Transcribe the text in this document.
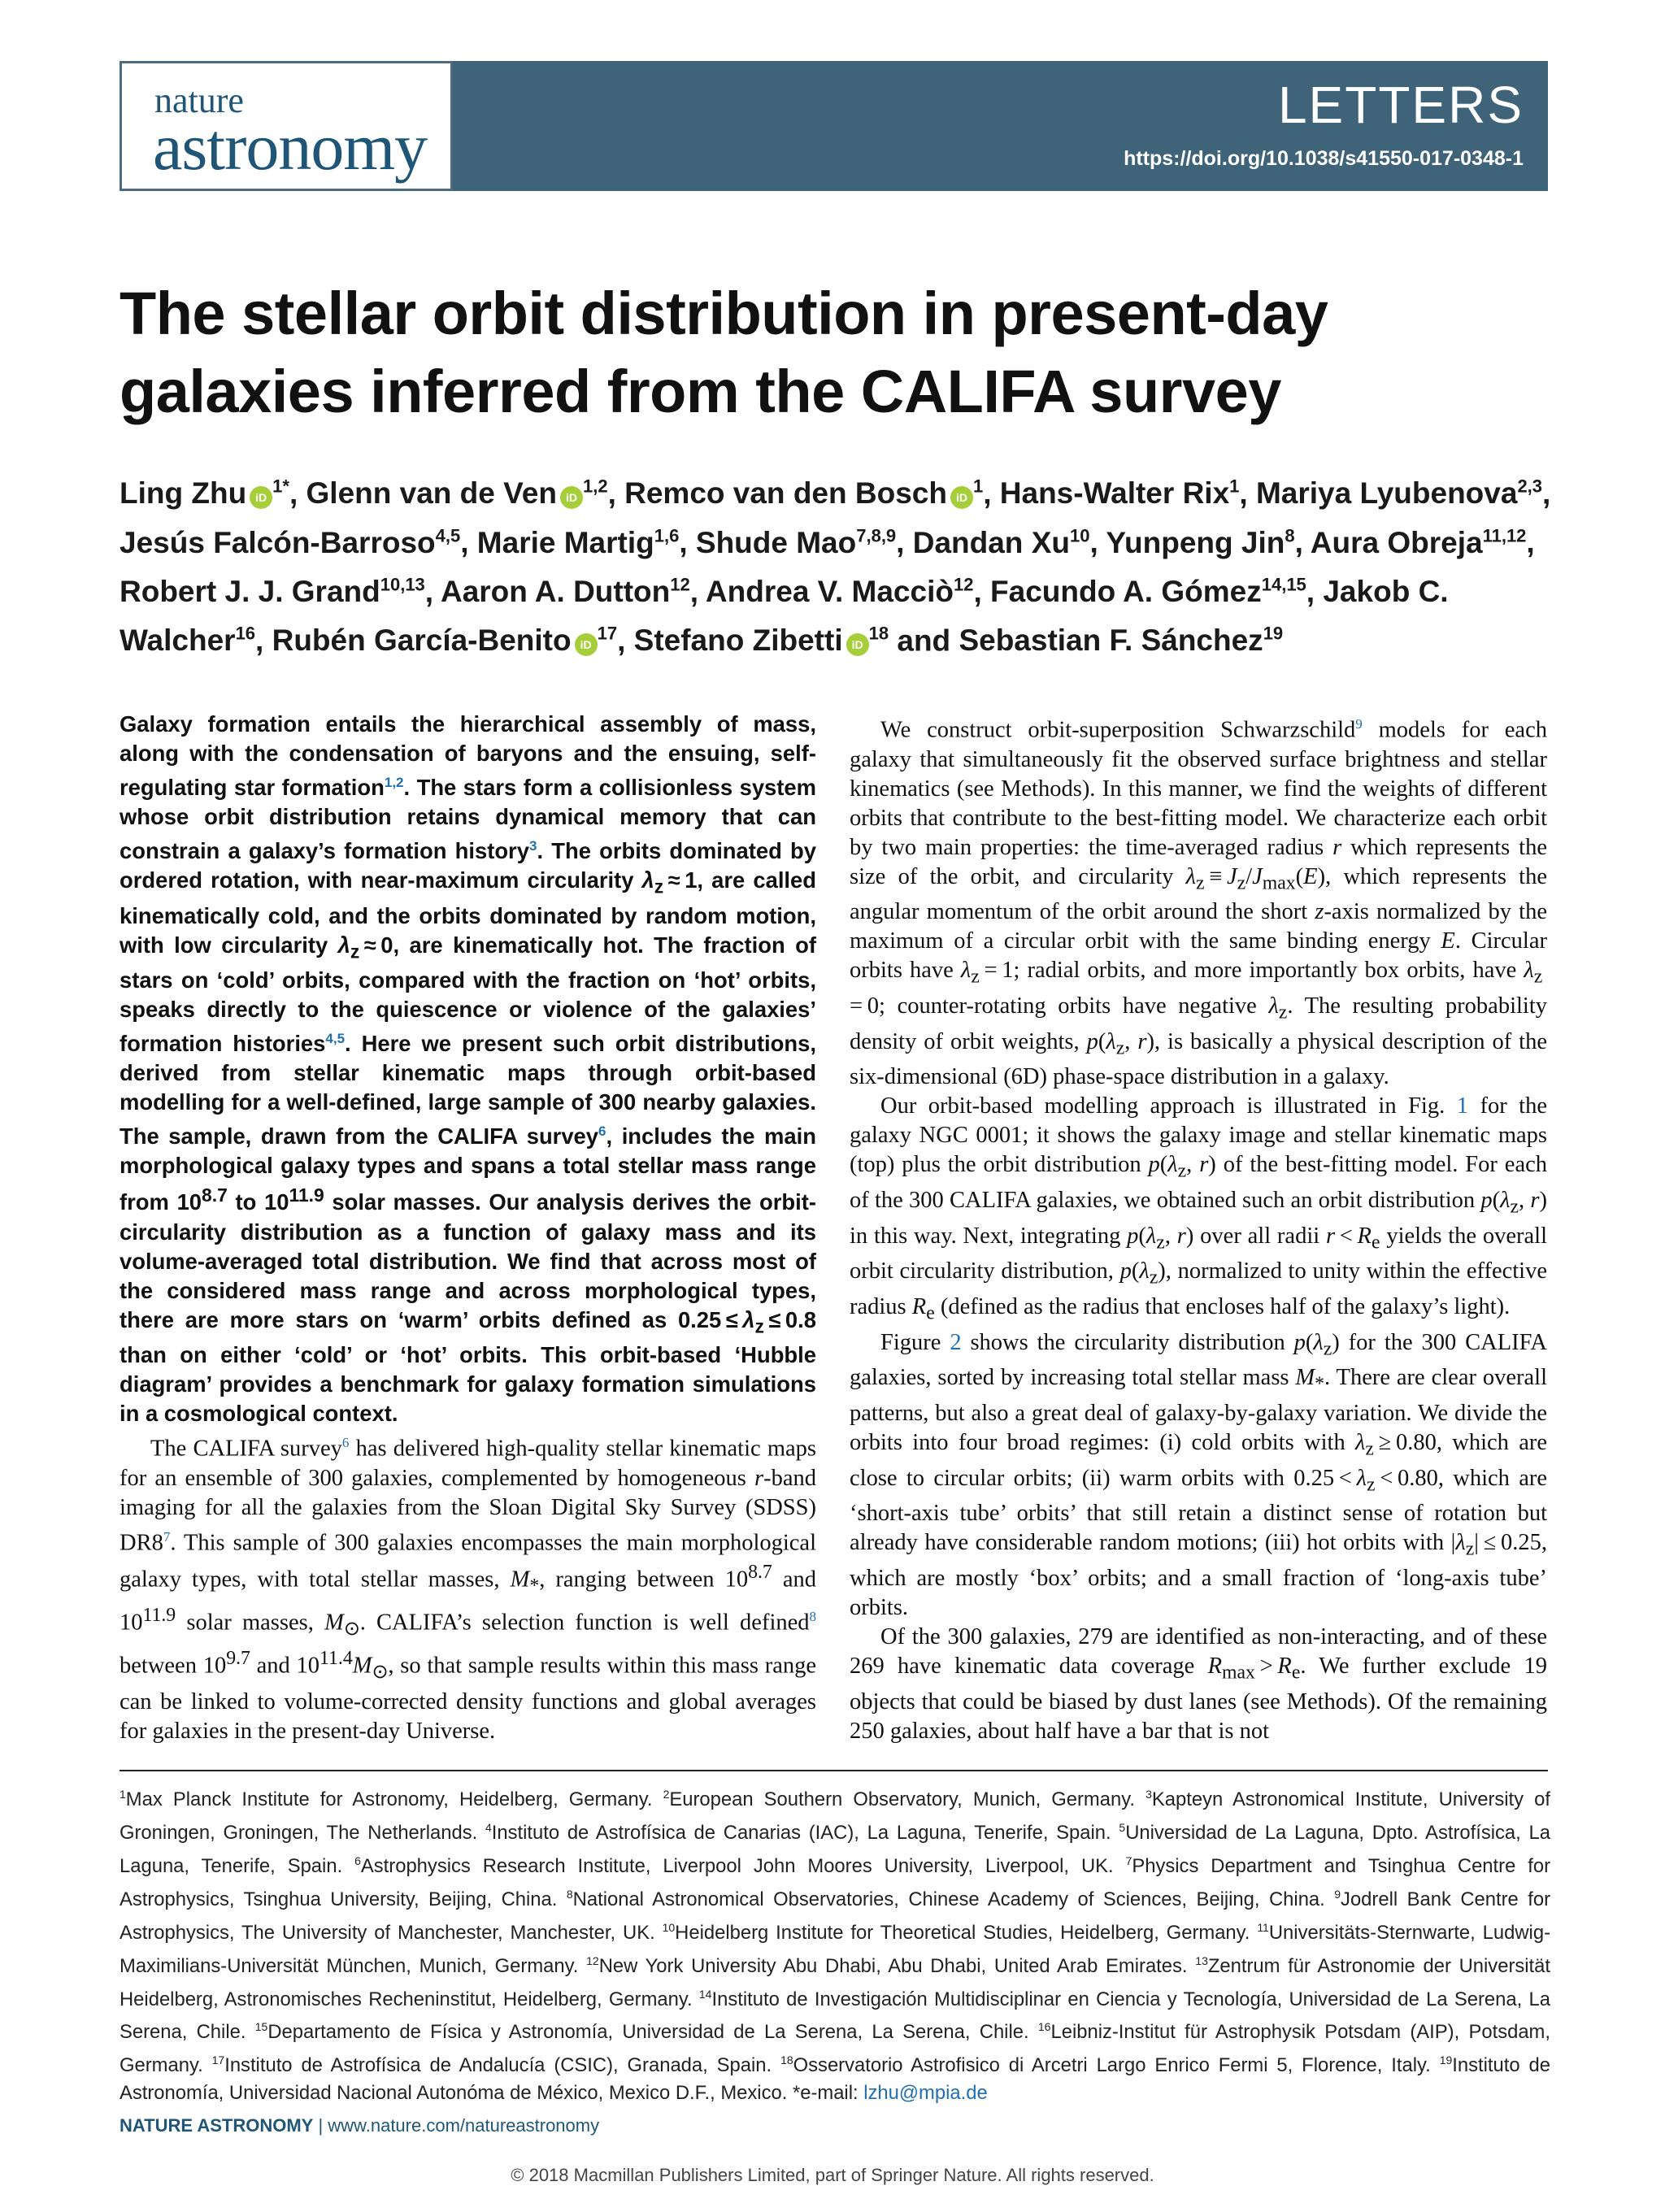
nature
astronomy
LETTERS
https://doi.org/10.1038/s41550-017-0348-1
The stellar orbit distribution in present-day galaxies inferred from the CALIFA survey
Ling Zhu $iD^{1*}$, Glenn van de Ven iD$^{1,2}$, Remco van den Bosch $iD^1$, Hans-Walter Rix$^1$, Mariya Lyubenova$^{2,3}$, Jesús Falcón-Barroso$^{4,5}$, Marie Martig$^{1,6}$, Shude Mao$^{7,8,9}$, Dandan Xu$^{10}$, Yunpeng Jin$^8$, Aura Obreja$^{11,12}$, Robert J. J. Grand$^{10,13}$, Aaron A. Dutton$^{12}$, Andrea V. Macciò$^{12}$, Facundo A. Gómez$^{14,15}$, Jakob C. Walcher$^{16}$, Rubén García-Benito $iD^{17}$, Stefano Zibetti $iD^{18}$ and Sebastian F. Sánchez$^{19}$

Galaxy formation entails the hierarchical assembly of mass, along with the condensation of baryons and the ensuing, self-regulating star formation$^{1,2}$. The stars form a collisionless system whose orbit distribution retains dynamical memory that can constrain a galaxy’s formation history$^3$. The orbits dominated by ordered rotation, with near-maximum circularity $\lambda_z \approx 1$, are called kinematically cold, and the orbits dominated by random motion, with low circularity $\lambda_z \approx 0$, are kinematically hot. The fraction of stars on ‘cold’ orbits, compared with the fraction on ‘hot’ orbits, speaks directly to the quiescence or violence of the galaxies’ formation histories$^{4,5}$. Here we present such orbit distributions, derived from stellar kinematic maps through orbit-based modelling for a well-defined, large sample of 300 nearby galaxies. The sample, drawn from the CALIFA survey$^6$, includes the main morphological galaxy types and spans a total stellar mass range from $10^{8.7}$ to $10^{11.9}$ solar masses. Our analysis derives the orbit-circularity distribution as a function of galaxy mass and its volume-averaged total distribution. We find that across most of the considered mass range and across morphological types, there are more stars on ‘warm’ orbits defined as $0.25 \le \lambda_z \le 0.8$ than on either ‘cold’ or ‘hot’ orbits. This orbit-based ‘Hubble diagram’ provides a benchmark for galaxy formation simulations in a cosmological context.

The CALIFA survey$^6$ has delivered high-quality stellar kinematic maps for an ensemble of 300 galaxies, complemented by homogeneous r-band imaging for all the galaxies from the Sloan Digital Sky Survey (SDSS) DR8$^7$. This sample of 300 galaxies encompasses the main morphological galaxy types, with total stellar masses, $M_*$, ranging between $10^{8.7}$ and $10^{11.9}$ solar masses, $M_⊙$. CALIFA’s selection function is well defined$^8$ between $10^{9.7}$ and $10^{11.4}M_⊙$, so that sample results within this mass range can be linked to volume-corrected density functions and global averages for galaxies in the present-day Universe.

We construct orbit-superposition Schwarzschild$^9$ models for each galaxy that simultaneously fit the observed surface brightness and stellar kinematics (see Methods). In this manner, we find the weights of different orbits that contribute to the best-fitting model. We characterize each orbit by two main properties: the time-averaged radius r which represents the size of the orbit, and circularity $\lambda_z \equiv J_z/J_{max}(E)$, which represents the angular momentum of the orbit around the short z-axis normalized by the maximum of a circular orbit with the same binding energy E. Circular orbits have $\lambda_z = 1$; radial orbits, and more importantly box orbits, have $\lambda_z = 0$; counter-rotating orbits have negative $\lambda_z$. The resulting probability density of orbit weights, $p(\lambda_z$, r), is basically a physical description of the six-dimensional (6D) phase-space distribution in a galaxy.

Our orbit-based modelling approach is illustrated in Fig. 1 for the galaxy NGC 0001; it shows the galaxy image and stellar kinematic maps (top) plus the orbit distribution $p(\lambda_z$, r) of the best-fitting model. For each of the 300 CALIFA galaxies, we obtained such an orbit distribution $p(\lambda_z$, r) in this way. Next, integrating $p(\lambda_z$, r) over all radii $r < R_e$ yields the overall orbit circularity distribution, $p(\lambda_z)$, normalized to unity within the effective radius $R_e$ (defined as the radius that encloses half of the galaxy’s light).

Figure 2 shows the circularity distribution $p(\lambda_z)$ for the 300 CALIFA galaxies, sorted by increasing total stellar mass $M_*$. There are clear overall patterns, but also a great deal of galaxy-by-galaxy variation. We divide the orbits into four broad regimes: (i) cold orbits with $\lambda_z \ge 0.80$, which are close to circular orbits; (ii) warm orbits with $0.25 < \lambda_z < 0.80$, which are ‘short-axis tube’ orbits’ that still retain a distinct sense of rotation but already have considerable random motions; (iii) hot orbits with $|\lambda_z| \le 0.25$, which are mostly ‘box’ orbits; and a small fraction of ‘long-axis tube’ orbits.

Of the 300 galaxies, 279 are identified as non-interacting, and of these 269 have kinematic data coverage $R_{max} > R_e$. We further exclude 19 objects that could be biased by dust lanes (see Methods). Of the remaining 250 galaxies, about half have a bar that is not

$^1$Max Planck Institute for Astronomy, Heidelberg, Germany. $^2$European Southern Observatory, Munich, Germany. $^3$Kapteyn Astronomical Institute, University of Groningen, Groningen, The Netherlands. $^4$Instituto de Astrofísica de Canarias (IAC), La Laguna, Tenerife, Spain. $^5$Universidad de La Laguna, Dpto. Astrofísica, La Laguna, Tenerife, Spain. $^6$Astrophysics Research Institute, Liverpool John Moores University, Liverpool, UK. $^7$Physics Department and Tsinghua Centre for Astrophysics, Tsinghua University, Beijing, China. $^8$National Astronomical Observatories, Chinese Academy of Sciences, Beijing, China. $^9$Jodrell Bank Centre for Astrophysics, The University of Manchester, Manchester, UK. $^{10}$Heidelberg Institute for Theoretical Studies, Heidelberg, Germany. $^{11}$Universitäts-Sternwarte, Ludwig-Maximilians-Universität München, Munich, Germany. $^{12}$New York University Abu Dhabi, Abu Dhabi, United Arab Emirates. $^{13}$Zentrum für Astronomie der Universität Heidelberg, Astronomisches Recheninstitut, Heidelberg, Germany. $^{14}$Instituto de Investigación Multidisciplinar en Ciencia y Tecnología, Universidad de La Serena, La Serena, Chile. $^{15}$Departamento de Física y Astronomía, Universidad de La Serena, La Serena, Chile. $^{16}$Leibniz-Institut für Astrophysik Potsdam (AIP), Potsdam, Germany. $^{17}$Instituto de Astrofísica de Andalucía (CSIC), Granada, Spain. $^{18}$Osservatorio Astrofisico di Arcetri Largo Enrico Fermi 5, Florence, Italy. $^{19}$Instituto de Astronomía, Universidad Nacional Autonóma de México, Mexico D.F., Mexico. *e-mail: lzhu@mpia.de
NATURE ASTRONOMY | www.nature.com/natureastronomy
© 2018 Macmillan Publishers Limited, part of Springer Nature. All rights reserved.
